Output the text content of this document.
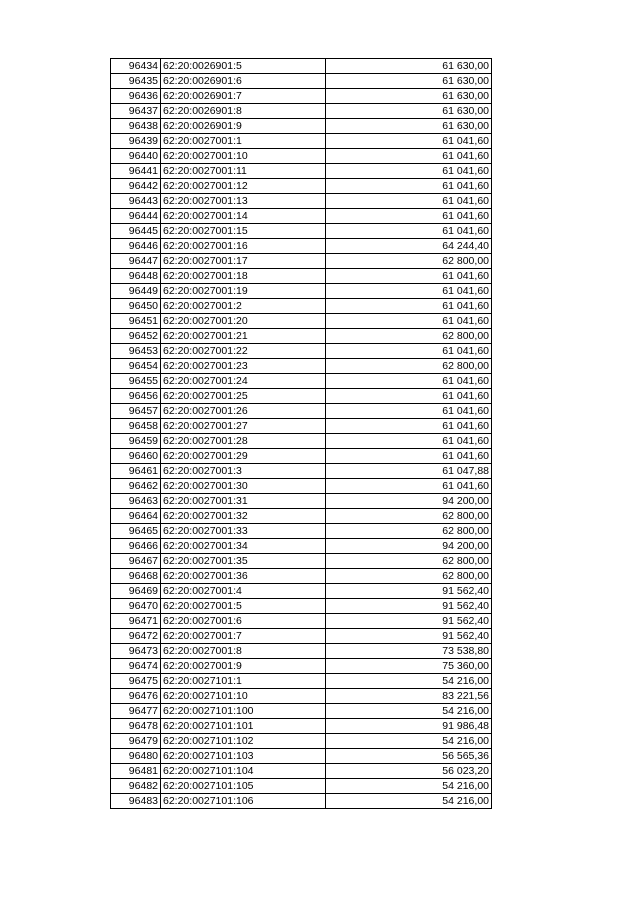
96434	62:20:0026901:5	61 630,00
96435	62:20:0026901:6	61 630,00
96436	62:20:0026901:7	61 630,00
96437	62:20:0026901:8	61 630,00
96438	62:20:0026901:9	61 630,00
96439	62:20:0027001:1	61 041,60
96440	62:20:0027001:10	61 041,60
96441	62:20:0027001:11	61 041,60
96442	62:20:0027001:12	61 041,60
96443	62:20:0027001:13	61 041,60
96444	62:20:0027001:14	61 041,60
96445	62:20:0027001:15	61 041,60
96446	62:20:0027001:16	64 244,40
96447	62:20:0027001:17	62 800,00
96448	62:20:0027001:18	61 041,60
96449	62:20:0027001:19	61 041,60
96450	62:20:0027001:2	61 041,60
96451	62:20:0027001:20	61 041,60
96452	62:20:0027001:21	62 800,00
96453	62:20:0027001:22	61 041,60
96454	62:20:0027001:23	62 800,00
96455	62:20:0027001:24	61 041,60
96456	62:20:0027001:25	61 041,60
96457	62:20:0027001:26	61 041,60
96458	62:20:0027001:27	61 041,60
96459	62:20:0027001:28	61 041,60
96460	62:20:0027001:29	61 041,60
96461	62:20:0027001:3	61 047,88
96462	62:20:0027001:30	61 041,60
96463	62:20:0027001:31	94 200,00
96464	62:20:0027001:32	62 800,00
96465	62:20:0027001:33	62 800,00
96466	62:20:0027001:34	94 200,00
96467	62:20:0027001:35	62 800,00
96468	62:20:0027001:36	62 800,00
96469	62:20:0027001:4	91 562,40
96470	62:20:0027001:5	91 562,40
96471	62:20:0027001:6	91 562,40
96472	62:20:0027001:7	91 562,40
96473	62:20:0027001:8	73 538,80
96474	62:20:0027001:9	75 360,00
96475	62:20:0027101:1	54 216,00
96476	62:20:0027101:10	83 221,56
96477	62:20:0027101:100	54 216,00
96478	62:20:0027101:101	91 986,48
96479	62:20:0027101:102	54 216,00
96480	62:20:0027101:103	56 565,36
96481	62:20:0027101:104	56 023,20
96482	62:20:0027101:105	54 216,00
96483	62:20:0027101:106	54 216,00
